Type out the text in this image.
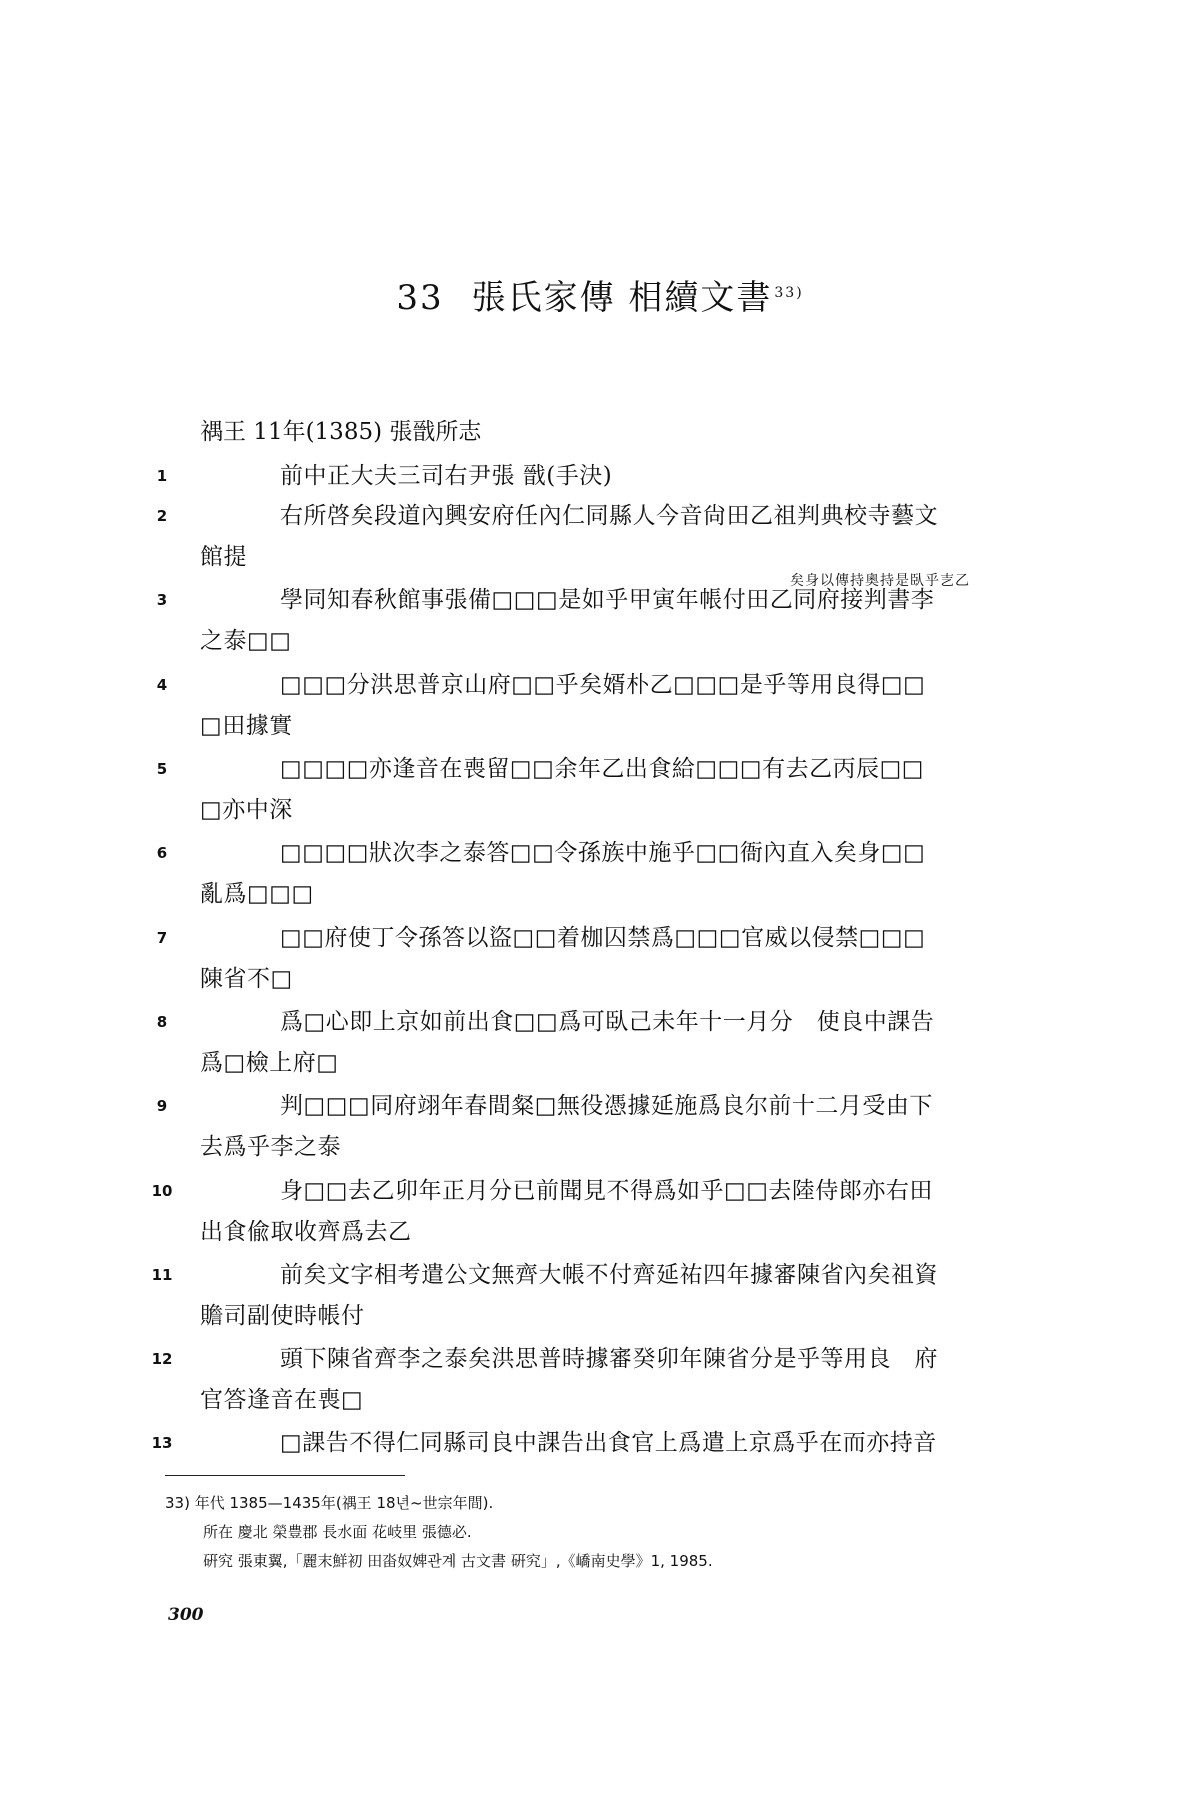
33 張氏家傳 相續文書 $^{33)}$
禑王 11年(1385) 張戩所志
矣身以傳持奧持是臥乎㐊乙
1	前中正大夫三司右尹張 戩(手決)
2	右所啓矣段道內興安府任內仁同縣人今音尙田乙祖判典校寺藝文
館提
3	學同知春秋館事張備□□□是如乎甲寅年帳付田乙同府接判書李
之泰□□
4	□□□分洪思普京山府□□乎矣婿朴乙□□□是乎等用良得□□
□田據實
5	□□□□亦逢音在喪留□□余年乙出食給□□□有去乙丙辰□□
□亦中深
6	□□□□狀次李之泰答□□令孫族中施乎□□衙內直入矣身□□
亂爲□□□
7	□□府使丁令孫答以盜□□着枷囚禁爲□□□官威以侵禁□□□
陳省不□
8	爲□心即上京如前出食□□爲可臥己未年十一月分　使良中課告
爲□檢上府□
9	判□□□同府翊年春間粲□無役憑據延施爲良尔前十二月受由下
去爲乎李之泰
10	身□□去乙卯年正月分已前聞見不得爲如乎□□去陸侍郞亦右田
出食偸取收齊爲去乙
11	前矣文字相考遣公文無齊大帳不付齊延祐四年據審陳省內矣祖資
贍司副使時帳付
12	頭下陳省齊李之泰矣洪思普時據審癸卯年陳省分是乎等用良　府
官答逢音在喪□
13	□課告不得仁同縣司良中課告出食官上爲遣上京爲乎在而亦持音
33) 年代 1385—1435年(禑王 18년~世宗年間).
所在 慶北 榮豊郡 長水面 花岐里 張德必.
硏究 張東翼,「麗末鮮初 田畓奴婢관계 古文書 硏究」,《嶠南史學》1, 1985.
300
